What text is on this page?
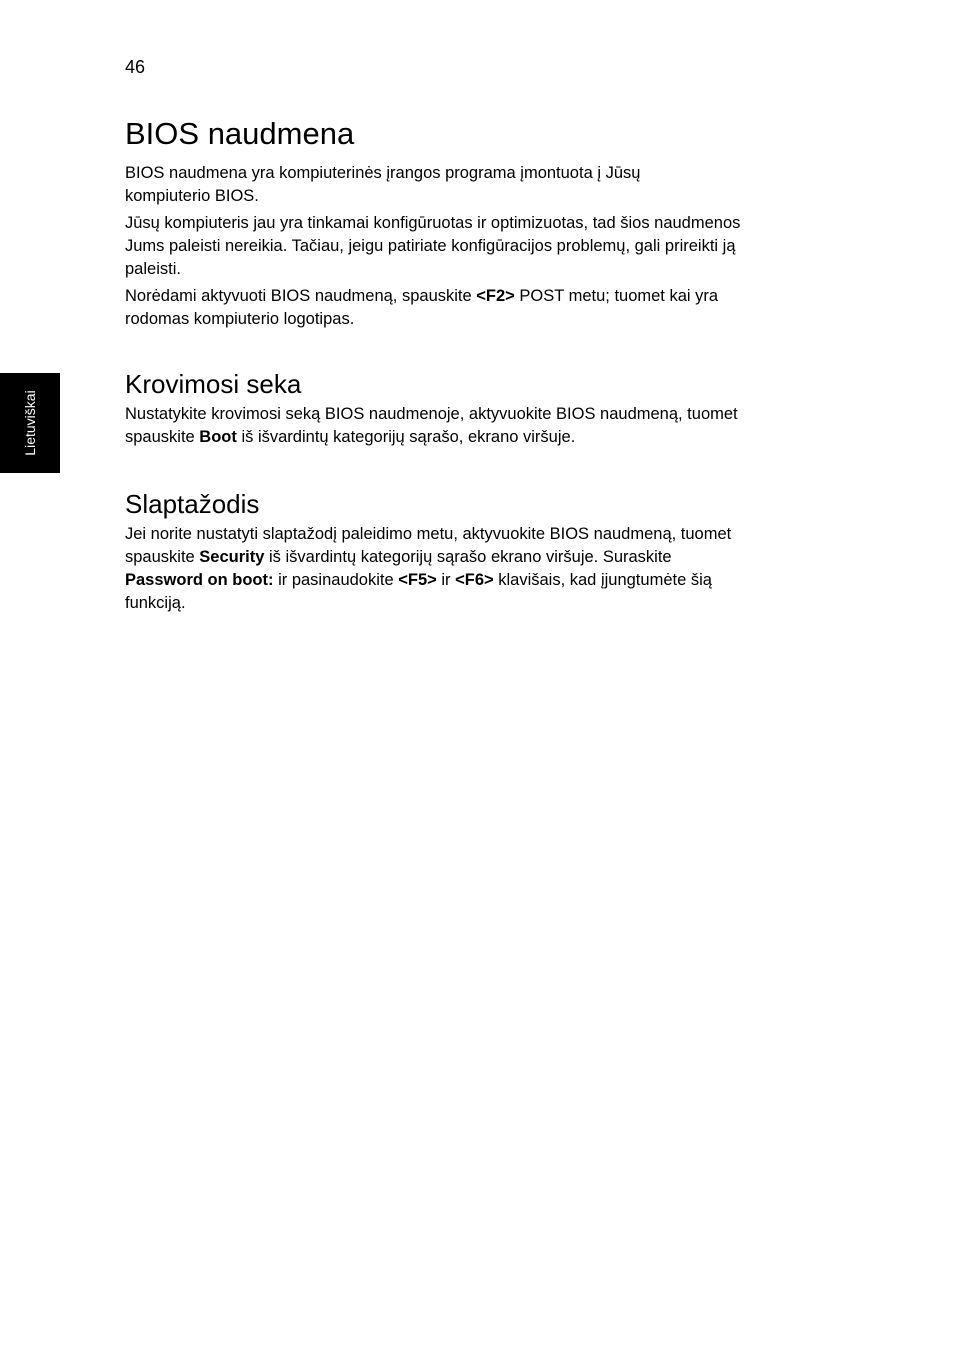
46
Lietuviškai
BIOS naudmena

BIOS naudmena yra kompiuterinės įrangos programa įmontuota į Jūsų
kompiuterio BIOS.

Jūsų kompiuteris jau yra tinkamai konfigūruotas ir optimizuotas, tad šios naudmenos
Jums paleisti nereikia. Tačiau, jeigu patiriate konfigūracijos problemų, gali prireikti ją
paleisti.

Norėdami aktyvuoti BIOS naudmeną, spauskite <F2> POST metu; tuomet kai yra
rodomas kompiuterio logotipas.

Krovimosi seka

Nustatykite krovimosi seką BIOS naudmenoje, aktyvuokite BIOS naudmeną, tuomet
spauskite Boot iš išvardintų kategorijų sąrašo, ekrano viršuje.

Slaptažodis

Jei norite nustatyti slaptažodį paleidimo metu, aktyvuokite BIOS naudmeną, tuomet
spauskite Security iš išvardintų kategorijų sąrašo ekrano viršuje. Suraskite
Password on boot: ir pasinaudokite <F5> ir <F6> klavišais, kad įjungtumėte šią
funkciją.
